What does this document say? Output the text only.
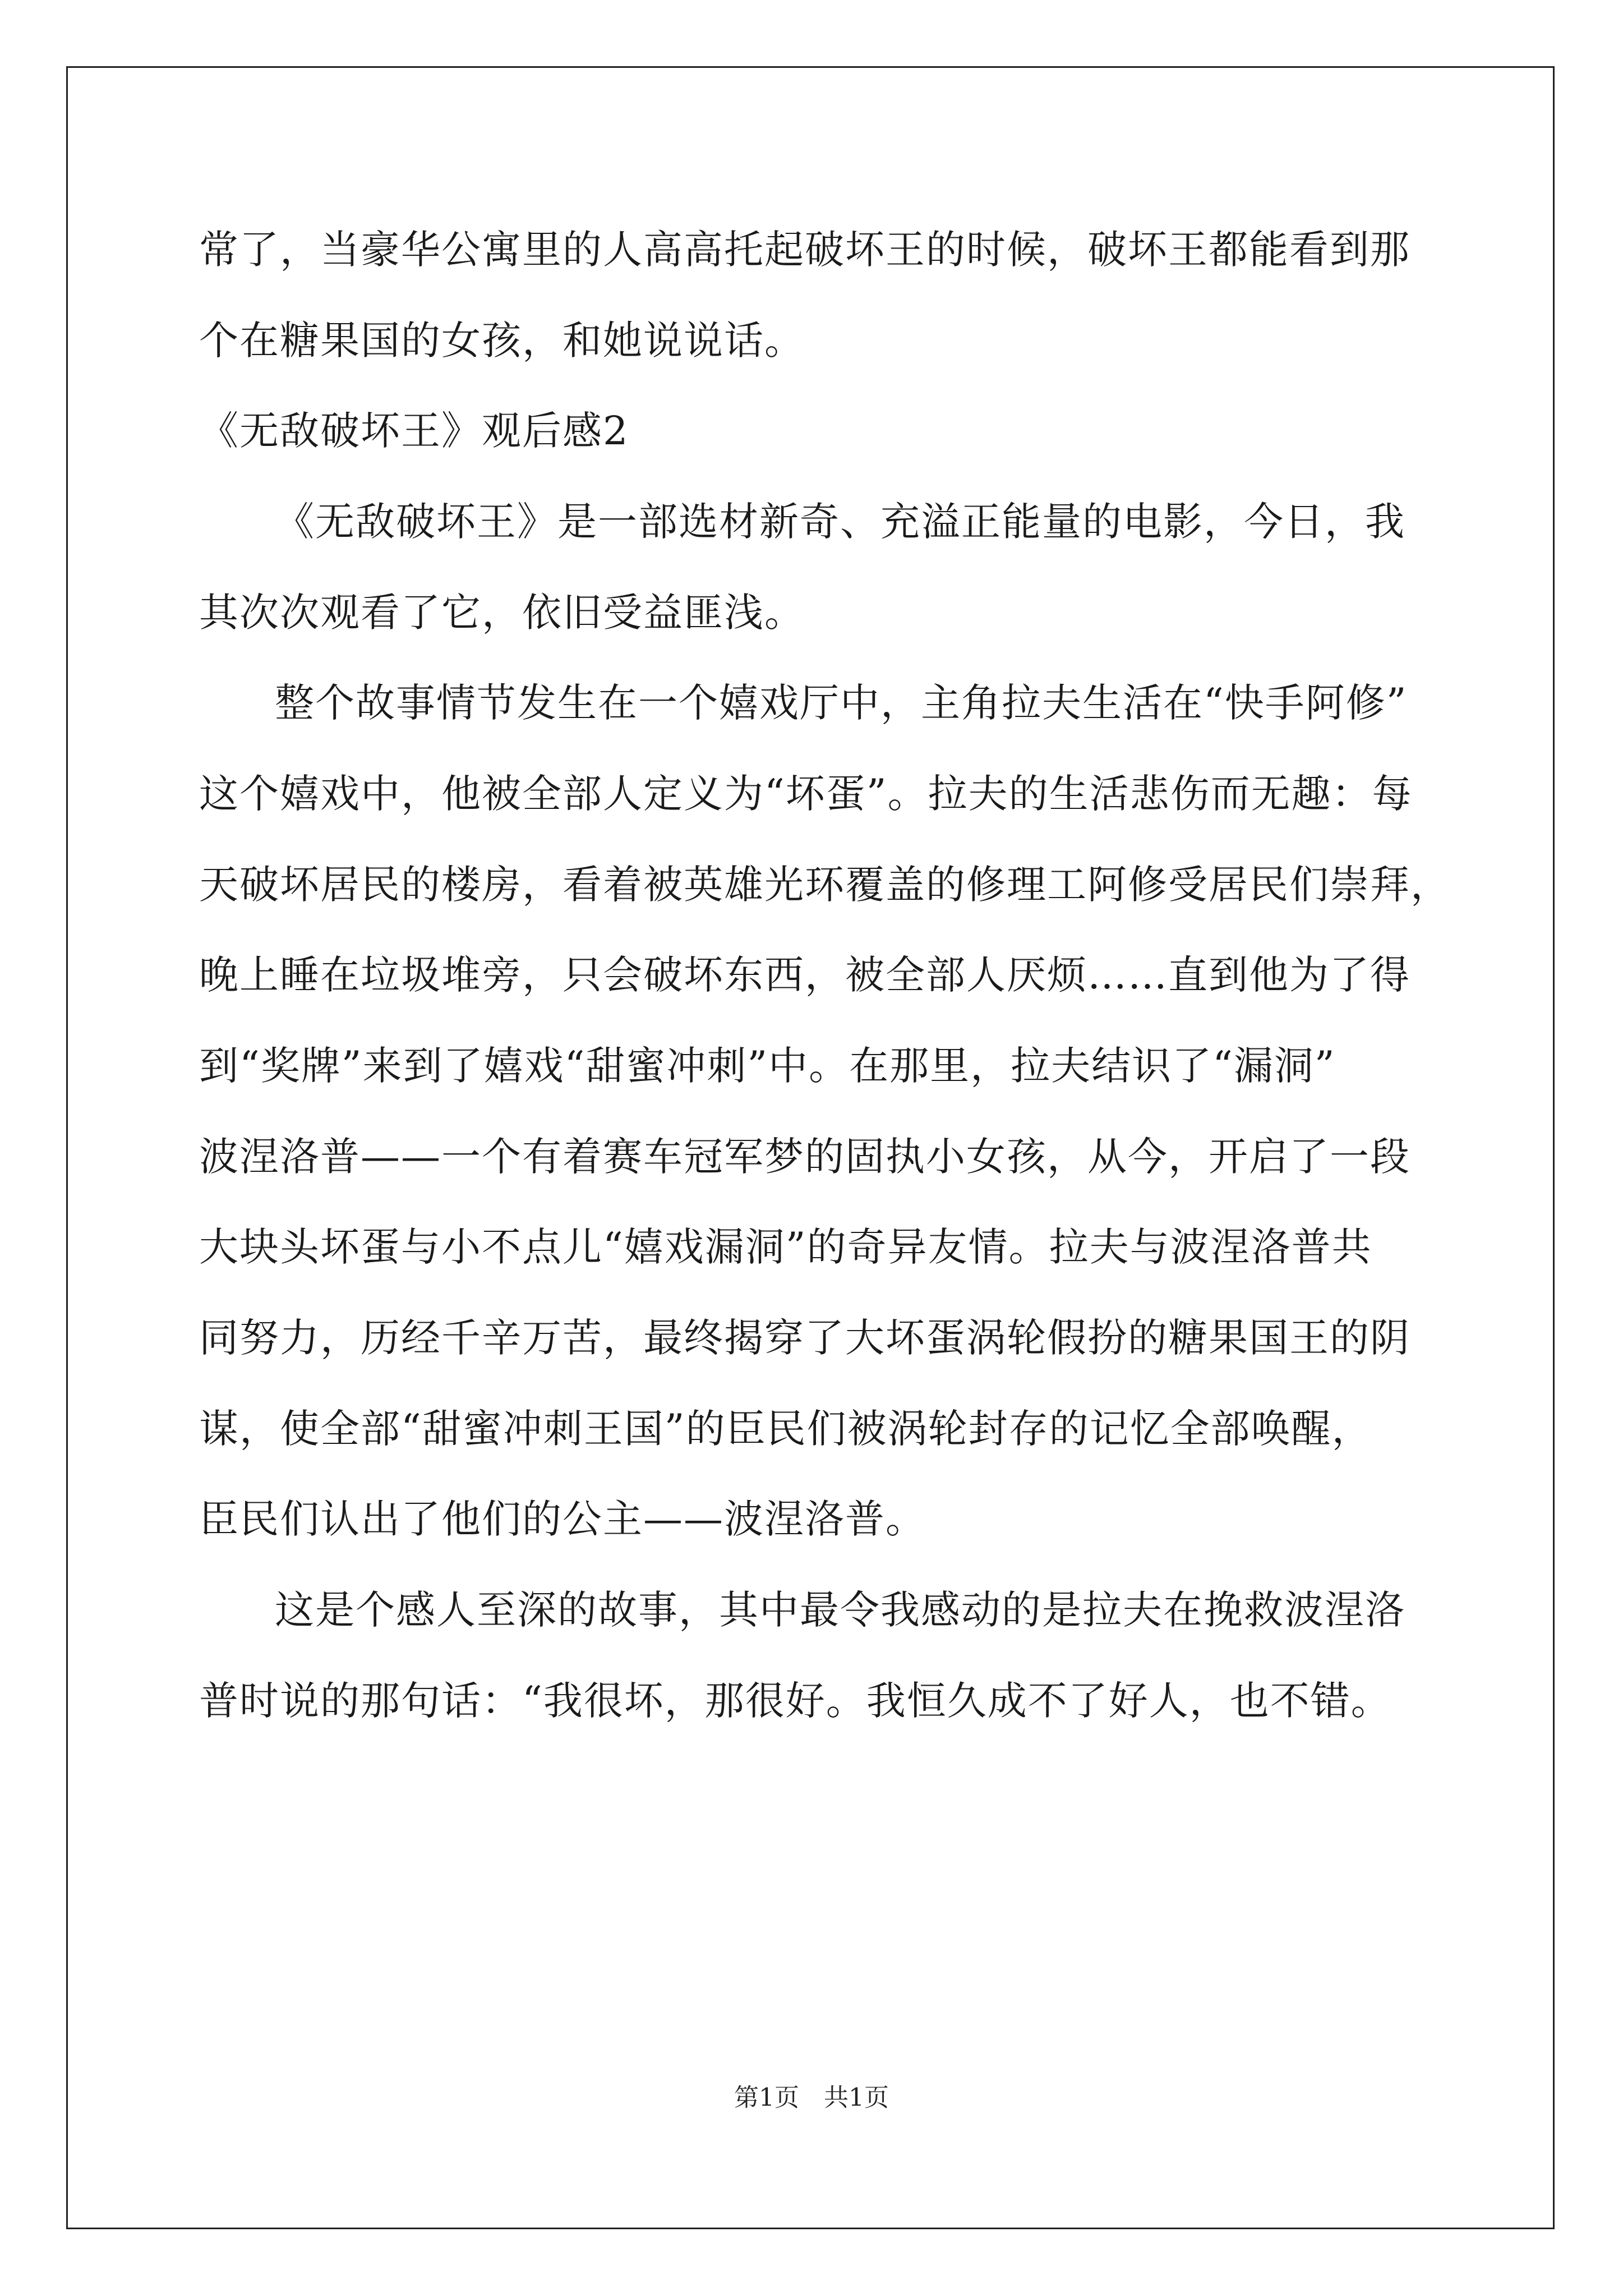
常了，当豪华公寓里的人高高托起破坏王的时候，破坏王都能看到那
个在糖果国的女孩，和她说说话。
《无敌破坏王》观后感2
《无敌破坏王》是一部选材新奇、充溢正能量的电影，今日，我
其次次观看了它，依旧受益匪浅。
整个故事情节发生在一个嬉戏厅中，主角拉夫生活在“快手阿修”
这个嬉戏中，他被全部人定义为“坏蛋”。拉夫的生活悲伤而无趣：每
天破坏居民的楼房，看着被英雄光环覆盖的修理工阿修受居民们崇拜，
晚上睡在垃圾堆旁，只会破坏东西，被全部人厌烦……直到他为了得
到“奖牌”来到了嬉戏“甜蜜冲刺”中。在那里，拉夫结识了“漏洞”
波涅洛普——一个有着赛车冠军梦的固执小女孩，从今，开启了一段
大块头坏蛋与小不点儿“嬉戏漏洞”的奇异友情。拉夫与波涅洛普共
同努力，历经千辛万苦，最终揭穿了大坏蛋涡轮假扮的糖果国王的阴
谋，使全部“甜蜜冲刺王国”的臣民们被涡轮封存的记忆全部唤醒，
臣民们认出了他们的公主——波涅洛普。
这是个感人至深的故事，其中最令我感动的是拉夫在挽救波涅洛
普时说的那句话：“我很坏，那很好。我恒久成不了好人，也不错。
第1页　共1页
